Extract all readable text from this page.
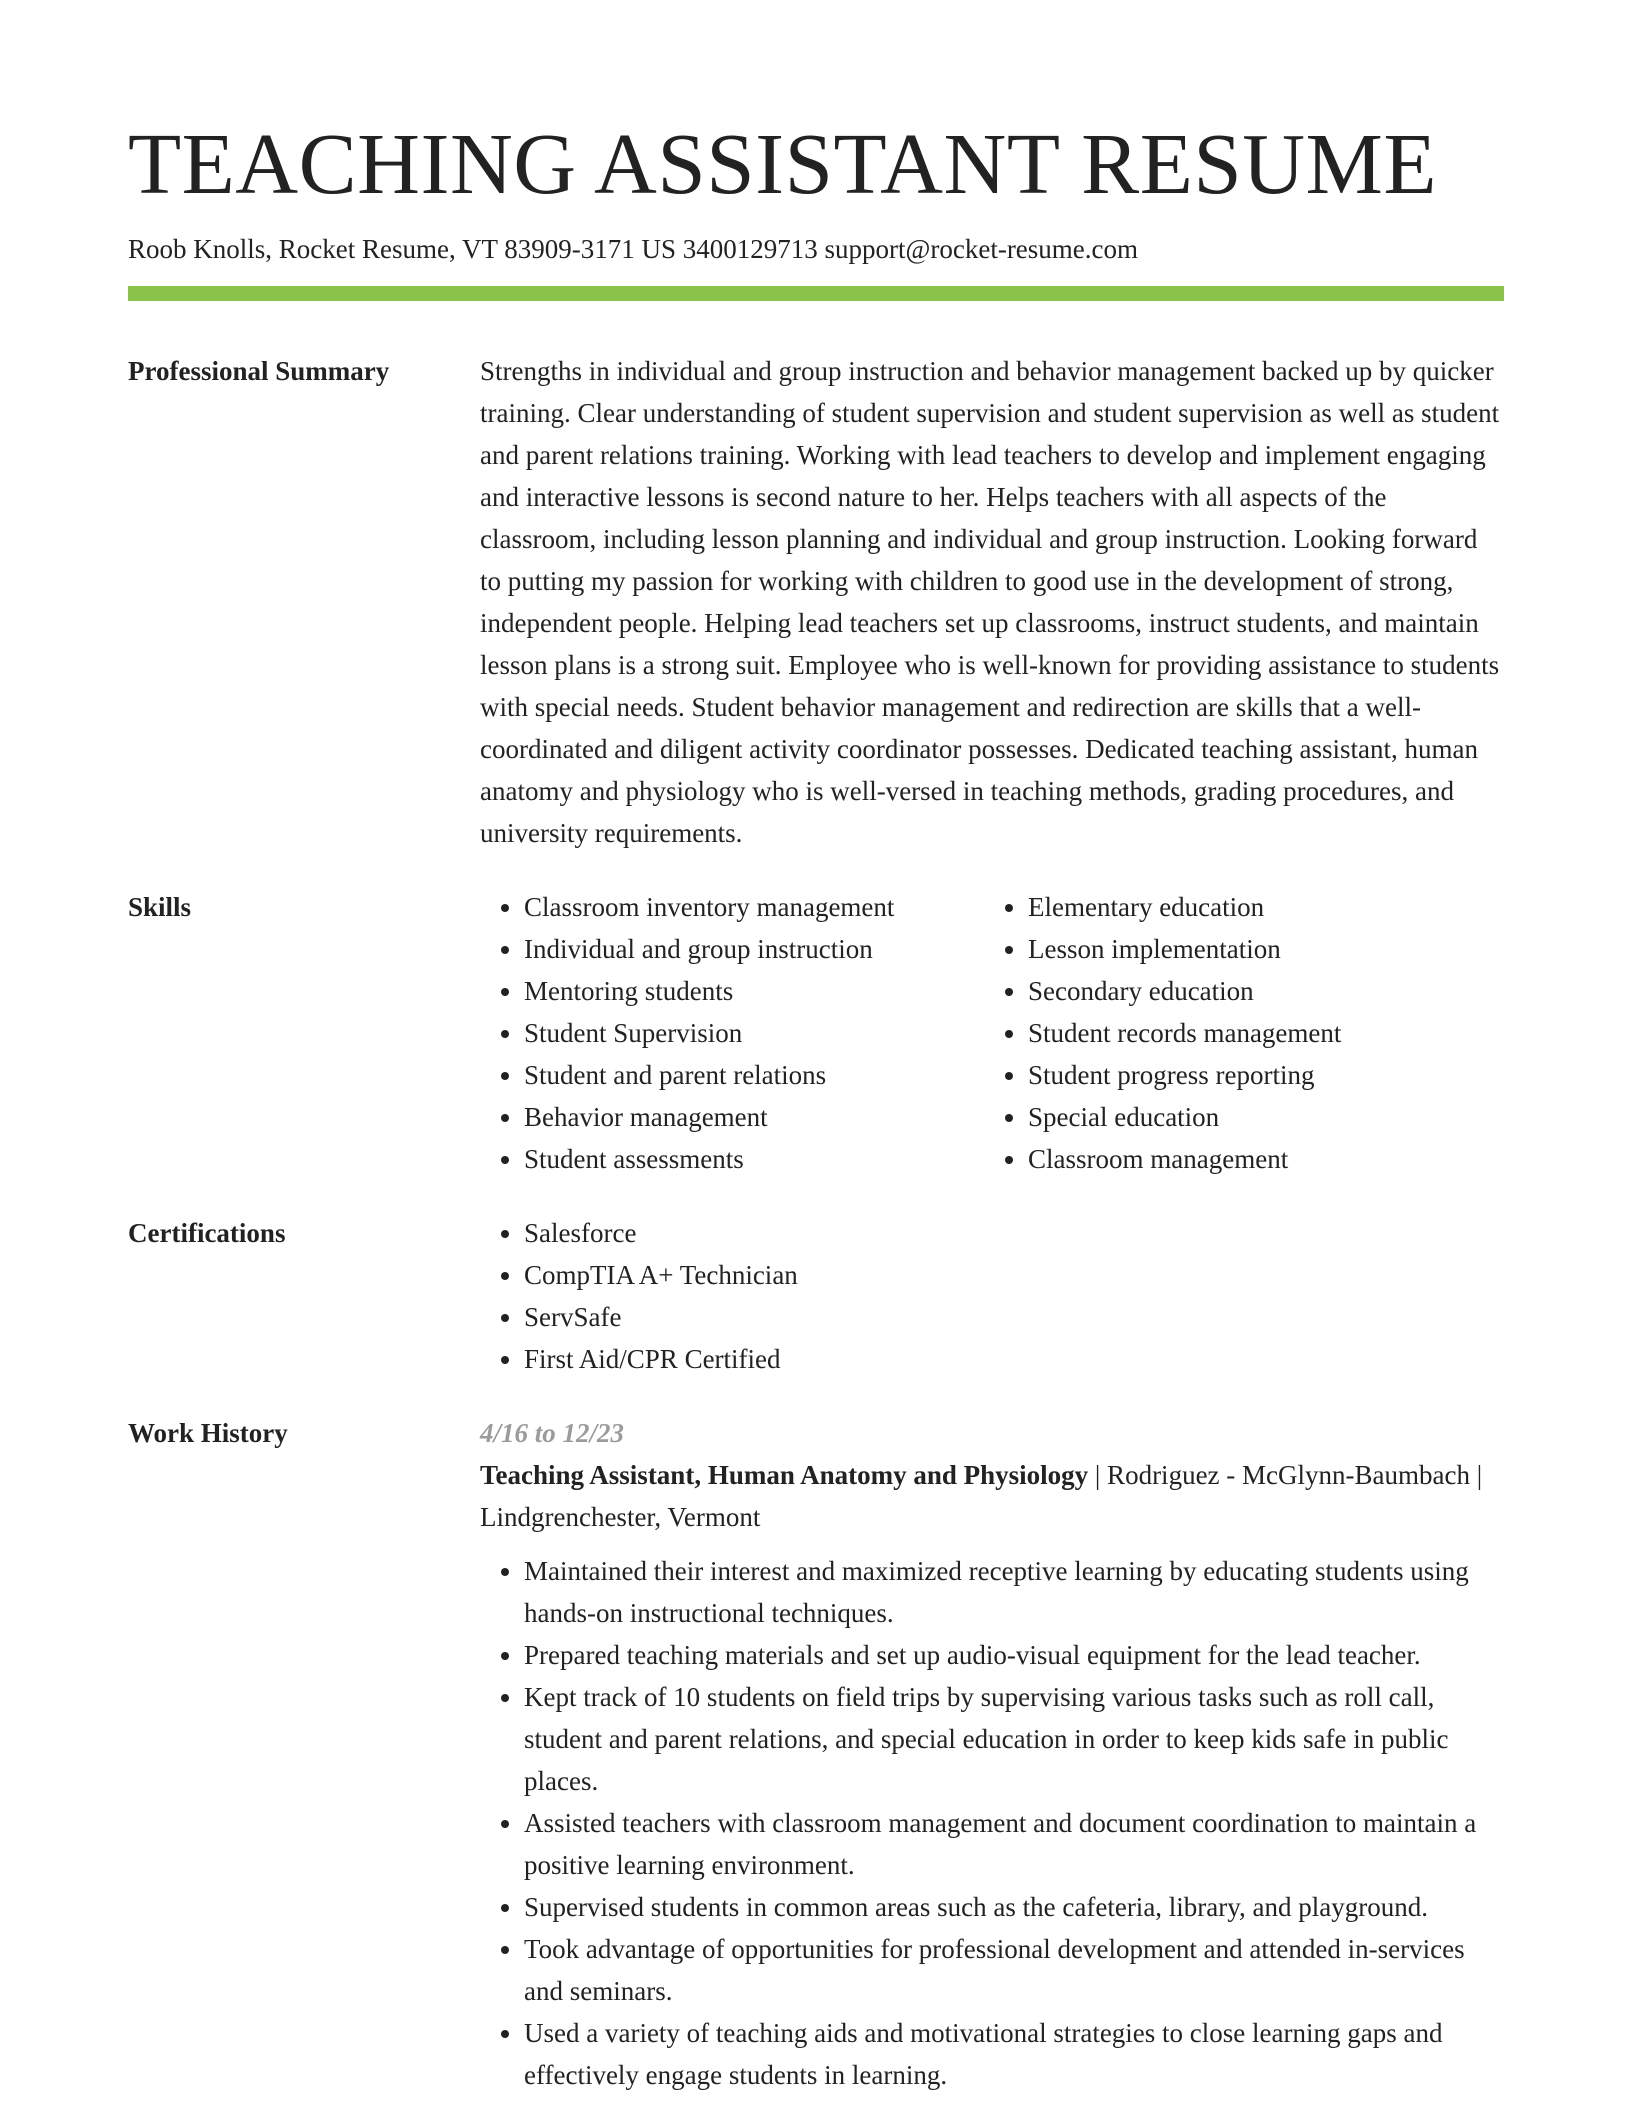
TEACHING ASSISTANT RESUME
Roob Knolls, Rocket Resume, VT 83909-3171 US 3400129713 support@rocket-resume.com
Professional Summary	Strengths in individual and group instruction and behavior management backed up by quicker training. Clear understanding of student supervision and student supervision as well as student and parent relations training. Working with lead teachers to develop and implement engaging and interactive lessons is second nature to her. Helps teachers with all aspects of the classroom, including lesson planning and individual and group instruction. Looking forward to putting my passion for working with children to good use in the development of strong, independent people. Helping lead teachers set up classrooms, instruct students, and maintain lesson plans is a strong suit. Employee who is well-known for providing assistance to students with special needs. Student behavior management and redirection are skills that a well-coordinated and diligent activity coordinator possesses. Dedicated teaching assistant, human anatomy and physiology who is well-versed in teaching methods, grading procedures, and university requirements.

Skills	• Classroom inventory management
• Individual and group instruction
• Mentoring students
• Student Supervision
• Student and parent relations
• Behavior management
• Student assessments
• Elementary education
• Lesson implementation
• Secondary education
• Student records management
• Student progress reporting
• Special education
• Classroom management
Certifications	• Salesforce
• CompTIA A+ Technician
• ServSafe
• First Aid/CPR Certified
Work History	4/16 to 12/23
Teaching Assistant, Human Anatomy and Physiology | Rodriguez - McGlynn-Baumbach | Lindgrenchester, Vermont
• Maintained their interest and maximized receptive learning by educating students using hands-on instructional techniques.
• Prepared teaching materials and set up audio-visual equipment for the lead teacher.
• Kept track of 10 students on field trips by supervising various tasks such as roll call, student and parent relations, and special education in order to keep kids safe in public places.
• Assisted teachers with classroom management and document coordination to maintain a positive learning environment.
• Supervised students in common areas such as the cafeteria, library, and playground.
• Took advantage of opportunities for professional development and attended in-services and seminars.
• Used a variety of teaching aids and motivational strategies to close learning gaps and effectively engage students in learning.
